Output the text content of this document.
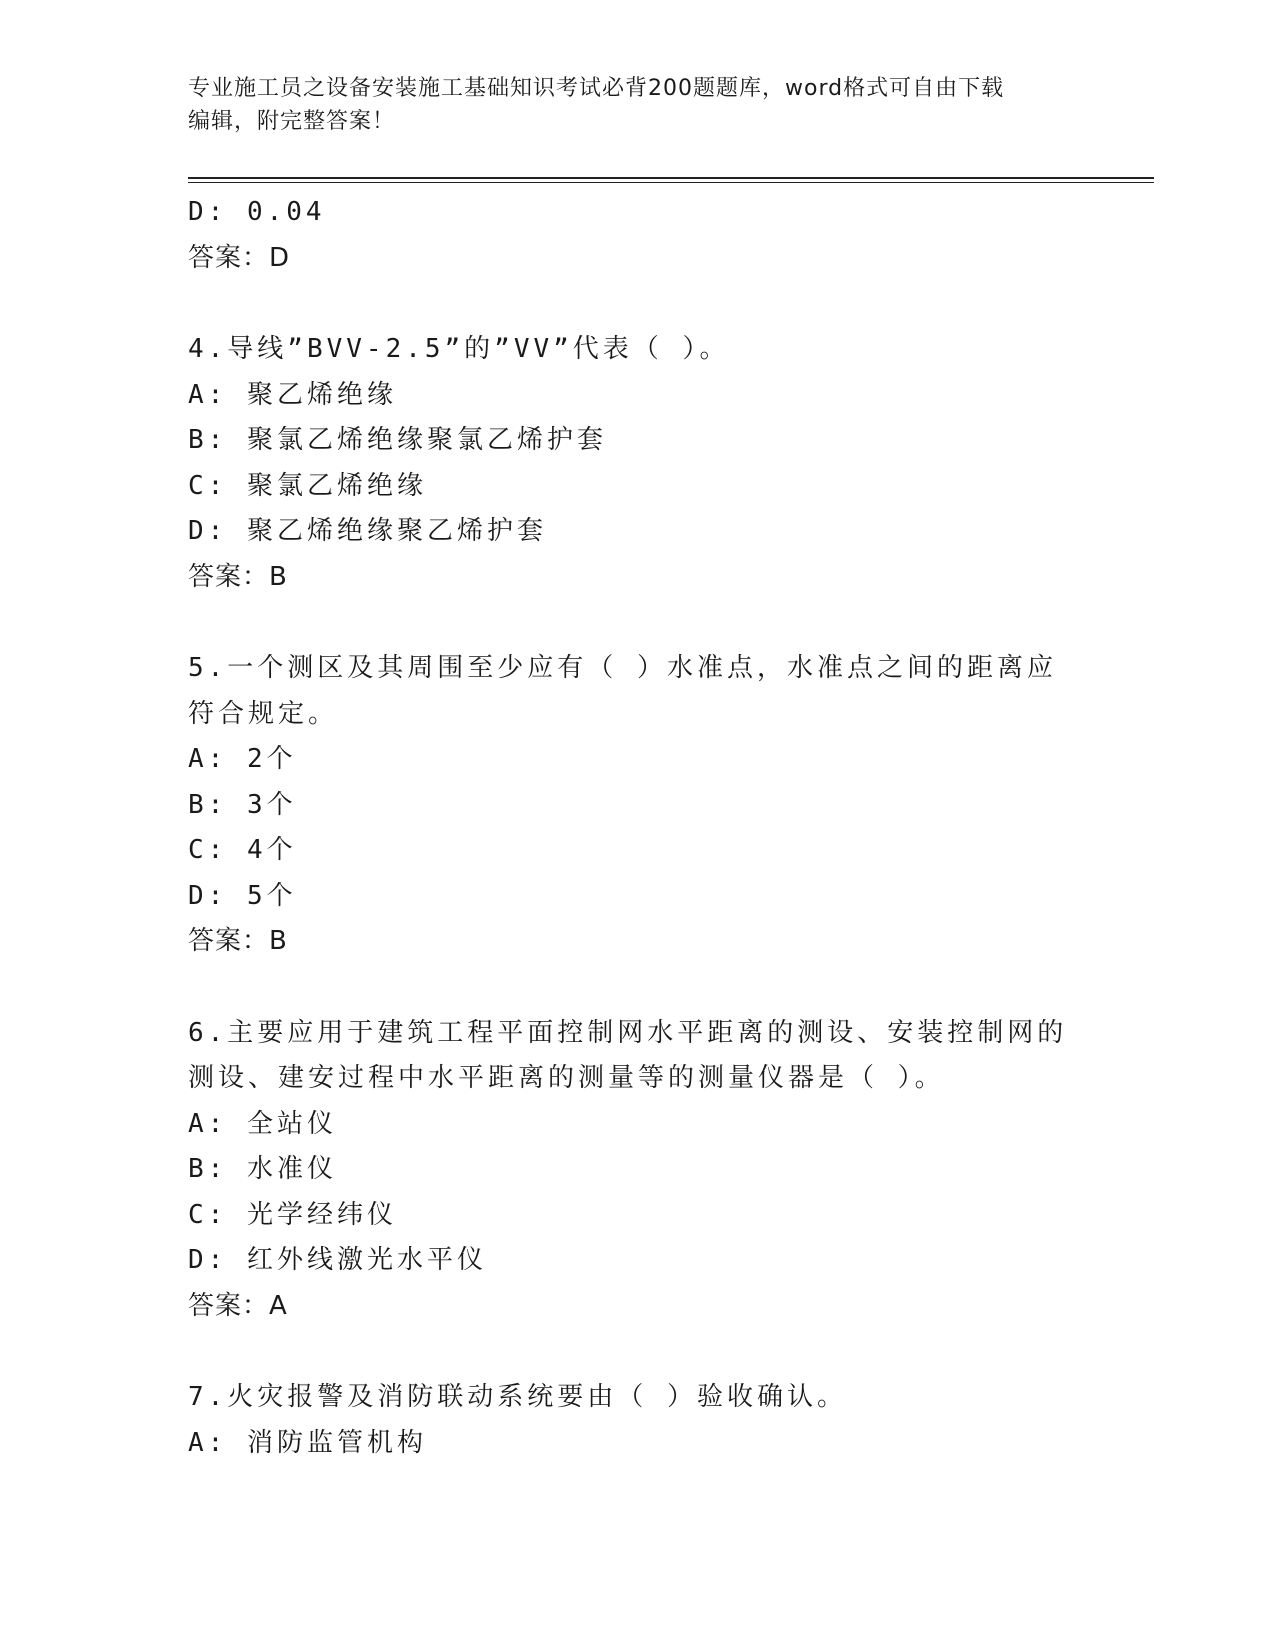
专业施工员之设备安装施工基础知识考试必背200题题库，word格式可自由下载
编辑，附完整答案！
D: 0.04
答案：D
4.导线”BVV-2.5”的”VV”代表（ ）。
A: 聚乙烯绝缘
B: 聚氯乙烯绝缘聚氯乙烯护套
C: 聚氯乙烯绝缘
D: 聚乙烯绝缘聚乙烯护套
答案：B
5.一个测区及其周围至少应有（ ）水准点，水准点之间的距离应符合规定。
A: 2个
B: 3个
C: 4个
D: 5个
答案：B
6.主要应用于建筑工程平面控制网水平距离的测设、安装控制网的测设、建安过程中水平距离的测量等的测量仪器是（ ）。
A: 全站仪
B: 水准仪
C: 光学经纬仪
D: 红外线激光水平仪
答案：A
7.火灾报警及消防联动系统要由（ ）验收确认。
A: 消防监管机构
